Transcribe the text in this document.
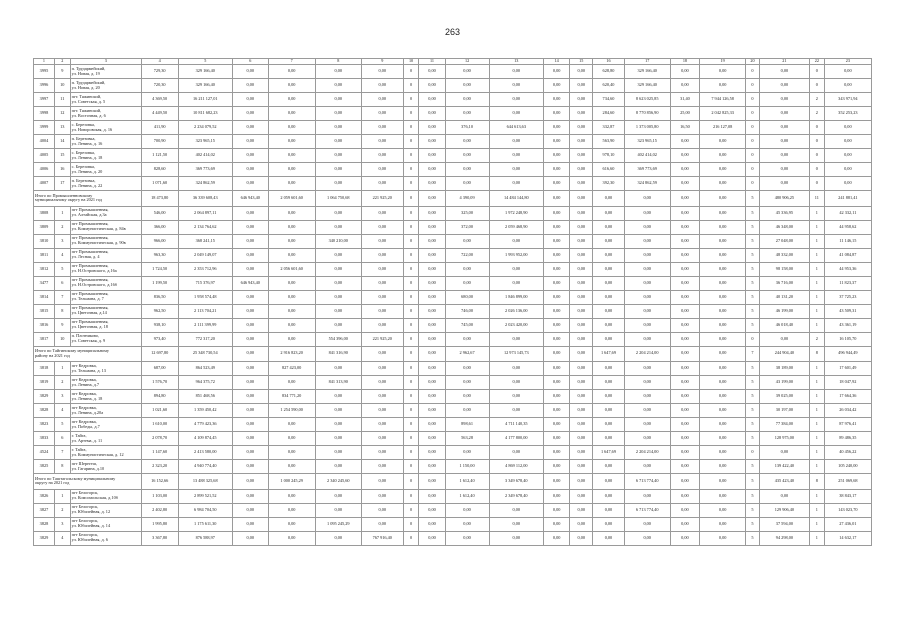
263
1	2	3	4	5	6	7	8	9	10	11	12	13	14	15	16	17	18	19	20	21	22	23
3995	9	п. Трудармейский,
ул. Новая, д. 19	729,30	329 166,40	0,00	0,00	0,00	0,00	0	0,00	0,00	0,00	0,00	0,00	628,80	329 166,40	0,00	0,00	0	0,00	0	0,00
3996	10	п. Трудармейский,
ул. Новая, д. 20	720,30	329 166,40	0,00	0,00	0,00	0,00	0	0,00	0,00	0,00	0,00	0,00	620,40	329 166,40	0,00	0,00	0	0,00	0	0,00
3997	11	пгт. Тяжинский,
ул. Советская, д. 5	4 369,50	16 211 127,01	0,00	0,00	0,00	0,00	0	0,00	0,00	0,00	0,00	0,00	734,60	8 623 025,85	31,40	7 944 126,58	0	0,00	2	343 971,94
3998	12	пгт. Тяжинский,
ул. Восточная, д. 6	4 449,50	10 811 682,23	0,00	0,00	0,00	0,00	0	0,00	0,00	0,00	0,00	0,00	284,60	8 770 856,90	25,00	2 042 825,33	0	0,00	2	352 253,23
3999	13	с. Березовка,
ул. Новоровская, д. 16	411,90	2 234 079,52	0,00	0,00	0,00	0,00	0	0,00	376,10	644 613,63	0,00	0,00	332,87	1 373 005,80	16,50	216 127,08	0	0,00	0	0,00
4004	14	п. Березовка,
ул. Ленина, д. 16	700,90	323 965,15	0,00	0,00	0,00	0,00	0	0,00	0,00	0,00	0,00	0,00	563,90	323 965,15	0,00	0,00	0	0,00	0	0,00
4005	15	с. Березовка,
ул. Ленина, д. 18	1 121,50	402 414,02	0,00	0,00	0,00	0,00	0	0,00	0,00	0,00	0,00	0,00	978,10	402 414,02	0,00	0,00	0	0,00	0	0,00
4006	16	с. Березовка,
ул. Ленина, д. 20	828,60	369 773,69	0,00	0,00	0,00	0,00	0	0,00	0,00	0,00	0,00	0,00	616,60	369 773,69	0,00	0,00	0	0,00	0	0,00
4007	17	п. Березовка,
ул. Ленина, д. 22	1 071,60	324 862,59	0,00	0,00	0,00	0,00	0	0,00	0,00	0,00	0,00	0,00	392,30	324 862,59	0,00	0,00	0	0,00	0	0,00
Итого по Промышленновскому
муниципальному округу на 2021 год			18 473,80	36 339 608,43	646 943,40	2 059 601,60	1 064 750,68	221 925,20	0	0,00	4 390,09	14 484 144,80	0,00	0,00	0,00	0,00	0,00	0,00	5	480 906,25	11	241 881,41
3808	1	пгт Промышленная,
ул. Алтайская, д.3а	546,00	2 064 897,11	0,00	0,00	0,00	0,00	0	0,00	325,00	1 972 248,90	0,00	0,00	0,00	0,00	0,00	0,00	5	45 336,95	1	42 332,11
3809	2	пгт Промышленная,
ул. Коммунистическая, д. 84в	366,00	2 134 764,62	0,00	0,00	0,00	0,00	0	0,00	372,00	2 059 468,90	0,00	0,00	0,00	0,00	0,00	0,00	5	46 348,00	1	44 958,62
3810	3	пгт Промышленная,
ул. Коммунистическая, д. 90в	966,00	368 241,15	0,00	0,00	340 210,00	0,00	0	0,00	0,00	0,00	0,00	0,00	0,00	0,00	0,00	0,00	5	27 048,00	1	11 146,15
3811	4	пгт Промышленная,
ул. Лесная, д. 4	963,30	2 049 149,07	0,00	0,00	0,00	0,00	0	0,00	722,00	1 993 952,00	0,00	0,00	0,00	0,00	0,00	0,00	5	48 332,00	1	41 084,87
3812	5	пгт Промышленная,
ул. Н.Островского, д.16а	1 724,50	2 353 712,96	0,00	2 056 601,60	0,00	0,00	0	0,00	0,00	0,00	0,00	0,00	0,00	0,00	0,00	0,00	5	98 158,00	1	44 953,36
3477	6	пгт Промышленная,
ул. Н.Островского, д.16б	1 199,50	715 376,97	646 943,40	0,00	0,00	0,00	0	0,00	0,00	0,00	0,00	0,00	0,00	0,00	0,00	0,00	5	36 716,00	1	11 823,37
3814	7	пгт Промышленная,
ул. Тельмана, д. 7	836,50	1 958 574,48	0,00	0,00	0,00	0,00	0	0,00	680,00	1 846 899,00	0,00	0,00	0,00	0,00	0,00	0,00	5	40 131,20	1	37 725,23
3815	8	пгт Промышленная,
ул. Цветочная, д.14	962,50	2 113 704,21	0,00	0,00	0,00	0,00	0	0,00	746,00	2 026 136,00	0,00	0,00	0,00	0,00	0,00	0,00	5	46 199,00	1	43 509,31
3816	9	пгт Промышленная,
ул. Цветочная, д. 18	938,10	2 111 399,99	0,00	0,00	0,00	0,00	0	0,00	745,00	2 023 420,00	0,00	0,00	0,00	0,00	0,00	0,00	5	46 018,40	1	43 361,19
3817	10	п. Плотниково,
ул. Советская, д. 9	973,40	772 317,20	0,00	0,00	554 396,00	221 925,20	0	0,00	0,00	0,00	0,00	0,00	0,00	0,00	0,00	0,00	0	0,00	2	16 105,70
Итого по Тайгинскому муниципальному
району на 2021 год			12 697,80	25 348 730,54	0,00	2 916 823,20	841 316,90	0,00	0	0,00	2 962,67	12 973 145,73	0,00	0,00	1 647,69	2 204 214,00	0,00	0,00	7	244 904,40	8	496 944,49
3818	1	пгт Кедровка,
ул. Тельмана, д. 13	687,00	864 523,49	0,00	827 423,00	0,00	0,00	0	0,00	0,00	0,00	0,00	0,00	0,00	0,00	0,00	0,00	5	38 189,00	1	17 601,49
3819	2	пгт Кедровка,
ул. Ленина, д.7	1 576,70	964 375,72	0,00	0,00	841 313,90	0,00	0	0,00	0,00	0,00	0,00	0,00	0,00	0,00	0,00	0,00	5	43 199,00	1	18 047,92
3829	3	пгт Кедровка,
ул. Ленина, д. 18	894,80	851 468,56	0,00	834 771,20	0,00	0,00	0	0,00	0,00	0,00	0,00	0,00	0,00	0,00	0,00	0,00	5	39 025,00	1	17 664,36
3828	4	пгт Кедровка,
ул. Ленина, д.20а	1 021,60	1 359 450,42	0,00	1 254 590,00	0,00	0,00	0	0,00	0,00	0,00	0,00	0,00	0,00	0,00	0,00	0,00	5	30 197,00	1	26 034,42
3823	5	пгт Кедровка,
ул. Победы, д.7	1 610,00	4 779 423,36	0,00	0,00	0,00	0,00	0	0,00	898,61	4 711 140,35	0,00	0,00	0,00	0,00	0,00	0,00	5	77 384,00	1	87 976,41
3833	6	г. Тайга,
ул. Артема, д. 11	2 078,70	4 109 874,45	0,00	0,00	0,00	0,00	0	0,00	563,28	4 177 800,00	0,00	0,00	0,00	0,00	0,00	0,00	5	128 975,00	1	89 486,35
4524	7	г. Тайга,
ул. Коммунистическая, д. 12	1 147,60	2 413 580,00	0,00	0,00	0,00	0,00	0	0,00	0,00	0,00	0,00	0,00	1 647,69	2 204 214,00	0,00	0,00	0	0,00	1	40 456,22
3825	8	пгт Шерегеш,
ул. Гагарина, д.10	2 323,20	4 940 774,40	0,00	0,00	0,00	0,00	0	0,00	1 150,00	4 869 112,00	0,00	0,00	0,00	0,00	0,00	0,00	5	139 422,40	1	105 240,00
Итого по Таштагольскому муниципальному
округу на 2021 год			16 152,66	13 488 325,68	0,00	1 000 245,29	2 340 245,60	0,00	0	0,00	1 612,40	3 349 678,40	0,00	0,00	0,00	6 713 774,40	0,00	0,00	5	435 423,40	8	251 069,68
3826	1	пгт Белогорск,
ул. Комсомольская, д.10б	1 103,00	2 899 521,52	0,00	0,00	0,00	0,00	0	0,00	1 612,40	2 349 678,40	0,00	0,00	0,00	0,00	0,00	0,00	5	0,00	1	38 843,17
3827	2	пгт Белогорск,
ул. Юбилейная, д. 12	2 402,80	6 984 704,50	0,00	0,00	0,00	0,00	0	0,00	0,00	0,00	0,00	0,00	0,00	6 713 774,40	0,00	0,00	5	129 906,40	1	143 023,70
3828	3	пгт Белогорск,
ул. Юбилейная, д. 14	1 995,80	1 175 611,30	0,00	0,00	1 095 245,29	0,00	0	0,00	0,00	0,00	0,00	0,00	0,00	0,00	0,00	0,00	5	37 594,00	1	27 436,01
3829	4	пгт Белогорск,
ул. Юбилейная, д. 6	3 367,80	876 588,97	0,00	0,00	0,00	767 916,40	0	0,00	0,00	0,00	0,00	0,00	0,00	0,00	0,00	0,00	5	94 298,00	1	14 632,17
